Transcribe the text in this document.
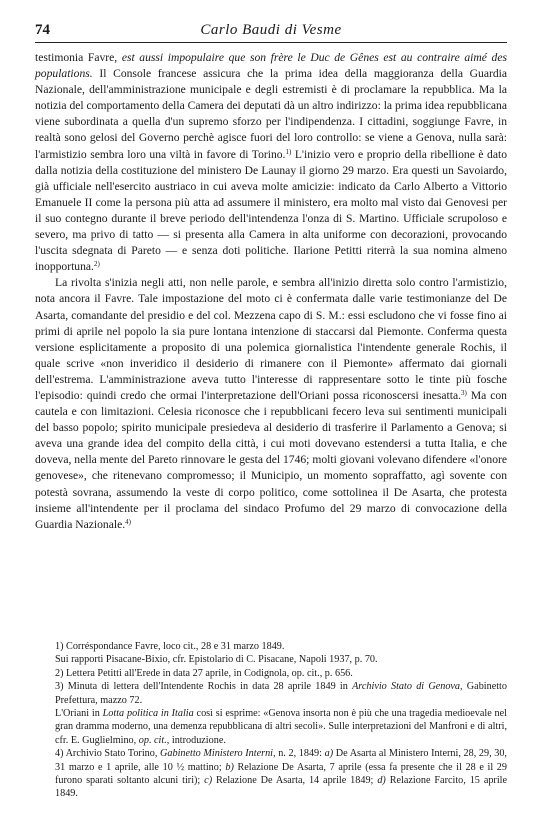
74	Carlo Baudi di Vesme

testimonia Favre, est aussi impopulaire que son frère le Duc de Gênes est au contraire aimé des populations. Il Console francese assicura che la prima idea della maggioranza della Guardia Nazionale, dell'amministrazione municipale e degli estremisti è di proclamare la repubblica. Ma la notizia del comportamento della Camera dei deputati dà un altro indirizzo: la prima idea repubblicana viene subordinata a quella d'un supremo sforzo per l'indipendenza. I cittadini, soggiunge Favre, in realtà sono gelosi del Governo perchè agisce fuori del loro controllo: se viene a Genova, nulla sarà: l'armistizio sembra loro una viltà in favore di Torino.$^{1)}$ L'inizio vero e proprio della ribellione è dato dalla notizia della costituzione del ministero De Launay il giorno 29 marzo. Era questi un Savoiardo, già ufficiale nell'esercito austriaco in cui aveva molte amicizie: indicato da Carlo Alberto a Vittorio Emanuele II come la persona più atta ad assumere il ministero, era molto mal visto dai Genovesi per il suo contegno durante il breve periodo dell'intendenza l'onza di S. Martino. Ufficiale scrupoloso e severo, ma privo di tatto — si presenta alla Camera in alta uniforme con decorazioni, provocando l'uscita sdegnata di Pareto — e senza doti politiche. Ilarione Petitti riterrà la sua nomina almeno inopportuna.$^{2)}$

La rivolta s'inizia negli atti, non nelle parole, e sembra all'inizio diretta solo contro l'armistizio, nota ancora il Favre. Tale impostazione del moto ci è confermata dalle varie testimonianze del De Asarta, comandante del presidio e del col. Mezzena capo di S. M.: essi escludono che vi fosse fino ai primi di aprile nel popolo la sia pure lontana intenzione di staccarsi dal Piemonte. Conferma questa versione esplicitamente a proposito di una polemica giornalistica l'intendente generale Rochis, il quale scrive «non inveridico il desiderio di rimanere con il Piemonte» affermato dai giornali dell'estrema. L'amministrazione aveva tutto l'interesse di rappresentare sotto le tinte più fosche l'episodio: quindi credo che ormai l'interpretazione dell'Oriani possa riconoscersi inesatta.$^{3)}$ Ma con cautela e con limitazioni. Celesia riconosce che i repubblicani fecero leva sui sentimenti municipali del basso popolo; spirito municipale presiedeva al desiderio di trasferire il Parlamento a Genova; si aveva una grande idea del compito della città, i cui moti dovevano estendersi a tutta Italia, e che doveva, nella mente del Pareto rinnovare le gesta del 1746; molti giovani volevano difendere «l'onore genovese», che ritenevano compromesso; il Municipio, un momento sopraffatto, agì sovente con potestà sovrana, assumendo la veste di corpo politico, come sottolinea il De Asarta, che protesta insieme all'intendente per il proclama del sindaco Profumo del 29 marzo di convocazione della Guardia Nazionale.$^{4)}$

1) Corréspondance Favre, loco cit., 28 e 31 marzo 1849.

Sui rapporti Pisacane-Bixio, cfr. Epistolario di C. Pisacane, Napoli 1937, p. 70.

2) Lettera Petitti all'Erede in data 27 aprile, in Codignola, op. cit., p. 656.

3) Minuta di lettera dell'Intendente Rochis in data 28 aprile 1849 in Archivio Stato di Genova, Gabinetto Prefettura, mazzo 72.

L'Oriani in Lotta politica in Italia così si esprime: «Genova insorta non è più che una tragedia medioevale nel gran dramma moderno, una demenza repubblicana di altri secoli». Sulle interpretazioni del Manfroni e di altri, cfr. E. Guglielmino, op. cit., introduzione.

4) Archivio Stato Torino, Gabinetto Ministero Interni, n. 2, 1849: a) De Asarta al Ministero Interni, 28, 29, 30, 31 marzo e 1 aprile, alle 10 ½ mattino; b) Relazione De Asarta, 7 aprile (essa fa presente che il 28 e il 29 furono sparati soltanto alcuni tiri); c) Relazione De Asarta, 14 aprile 1849; d) Relazione Farcito, 15 aprile 1849.
